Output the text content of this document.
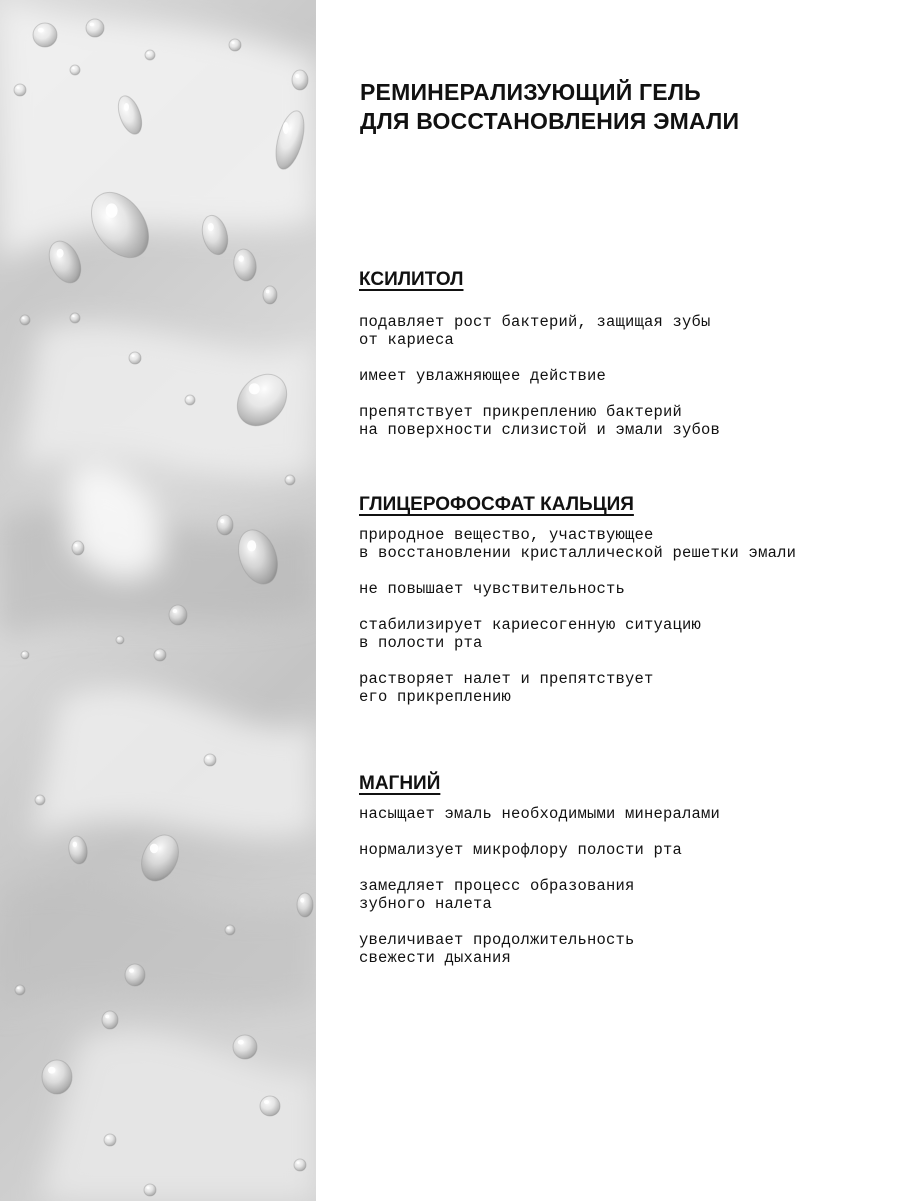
РЕМИНЕРАЛИЗУЮЩИЙ ГЕЛЬ
ДЛЯ ВОССТАНОВЛЕНИЯ ЭМАЛИ
КСИЛИТОЛ

подавляет рост бактерий, защищая зубы
от кариеса

имеет увлажняющее действие

препятствует прикреплению бактерий
на поверхности слизистой и эмали зубов

ГЛИЦЕРОФОСФАТ КАЛЬЦИЯ

природное вещество, участвующее
в восстановлении кристаллической решетки эмали

не повышает чувствительность

стабилизирует кариесогенную ситуацию
в полости рта

растворяет налет и препятствует
его прикреплению

МАГНИЙ

насыщает эмаль необходимыми минералами

нормализует микрофлору полости рта

замедляет процесс образования
зубного налета

увеличивает продолжительность
свежести дыхания
